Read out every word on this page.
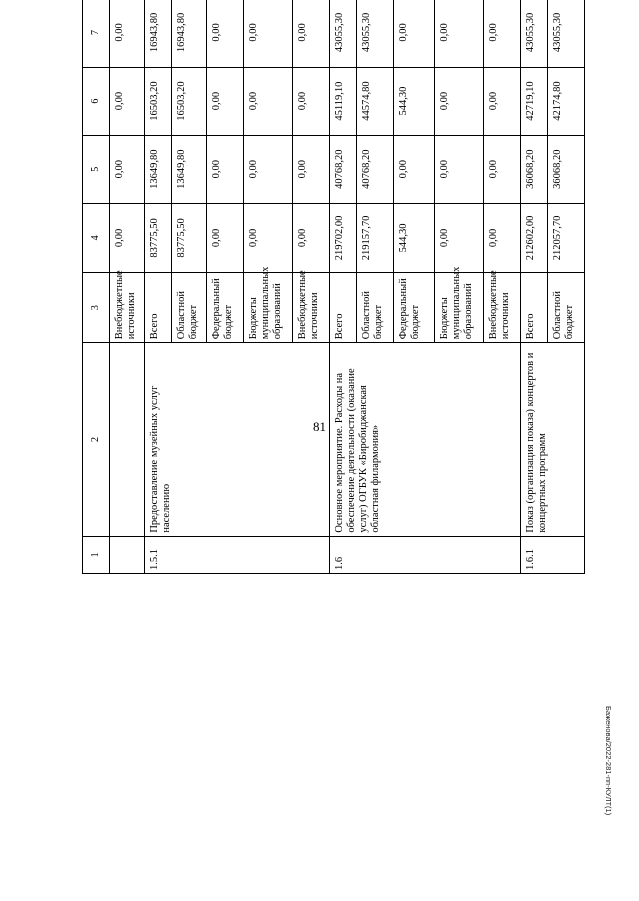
81
Баженова/2022-281-пп-КУЛТ(1)
1	2	3	4	5	6	7			
		Внебюджетные источники	0,00	0,00	0,00	0,00			
1.5.1	Предоставление музейных услуг населению	Всего	83775,50	13649,80	16503,20	16943,80			
		Областной бюджет	83775,50	13649,80	16503,20	16943,80			
		Федеральный бюджет	0,00	0,00	0,00	0,00			
		Бюджеты муниципальных образований	0,00	0,00	0,00	0,00			
		Внебюджетные источники	0,00	0,00	0,00	0,00			
1.6	Основное мероприятие. Расходы на обеспечение деятельности (оказание услуг) ОГБУК «Биробиджанская областная филармония»	Всего	219702,00	40768,20	45119,10	43055,30			
		Областной бюджет	219157,70	40768,20	44574,80	43055,30			
		Федеральный бюджет	544,30	0,00	544,30	0,00			
		Бюджеты муниципальных образований	0,00	0,00	0,00	0,00			
		Внебюджетные источники	0,00	0,00	0,00	0,00			
1.6.1	Показ (организация показа) концертов и концертных программ	Всего	212602,00	36068,20	42719,10	43055,30			
		Областной бюджет	212057,70	36068,20	42174,80	43055,30			
